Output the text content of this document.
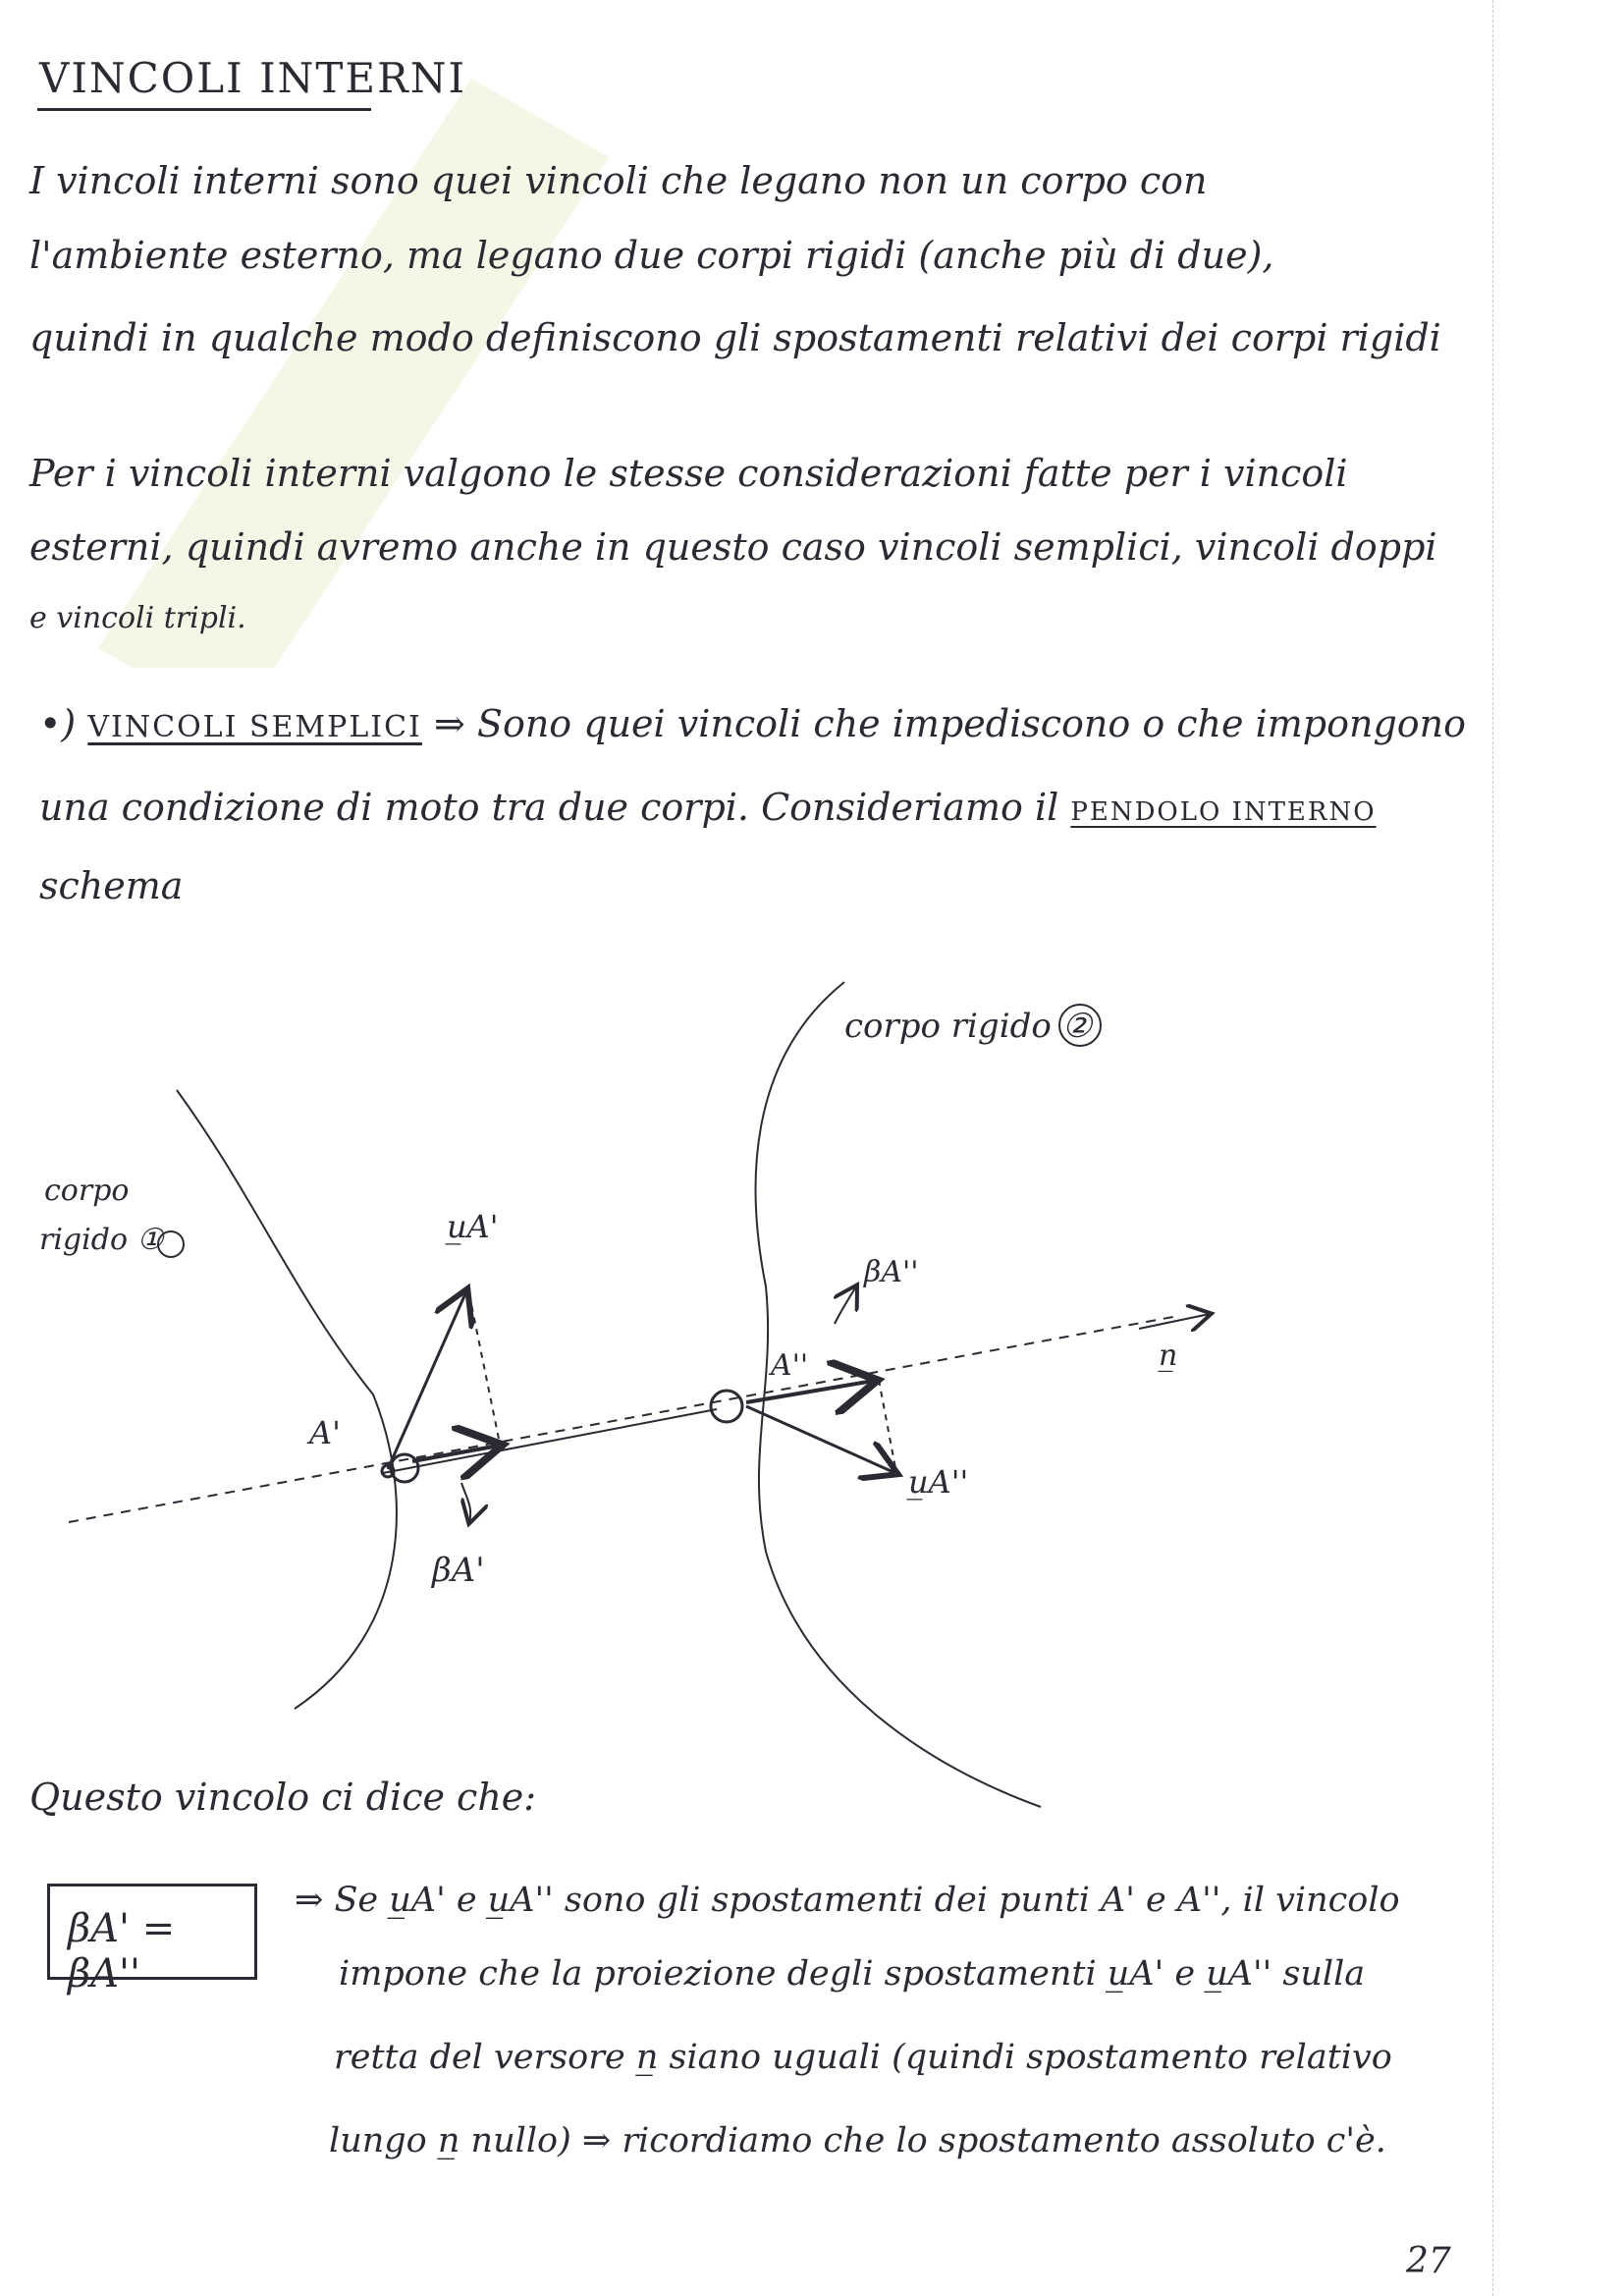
VINCOLI INTERNI
I vincoli interni sono quei vincoli che legano non un corpo con
l'ambiente esterno, ma legano due corpi rigidi (anche più di due),
quindi in qualche modo definiscono gli spostamenti relativi dei corpi rigidi
Per i vincoli interni valgono le stesse considerazioni fatte per i vincoli
esterni, quindi avremo anche in questo caso vincoli semplici, vincoli doppi
e vincoli tripli.
•) VINCOLI SEMPLICI ⇒ Sono quei vincoli che impediscono o che impongono
una condizione di moto tra due corpi. Consideriamo il PENDOLO INTERNO
schema
corpo rigido ②
corpo
rigido ①
A'
A''
u̲A'
u̲A''
βA'
βA''
n̲
Questo vincolo ci dice che:
βA' = βA''
⇒ Se u̲A' e u̲A'' sono gli spostamenti dei punti A' e A'', il vincolo
impone che la proiezione degli spostamenti u̲A' e u̲A'' sulla
retta del versore n̲ siano uguali (quindi spostamento relativo
lungo n̲ nullo) ⇒ ricordiamo che lo spostamento assoluto c'è.
27
